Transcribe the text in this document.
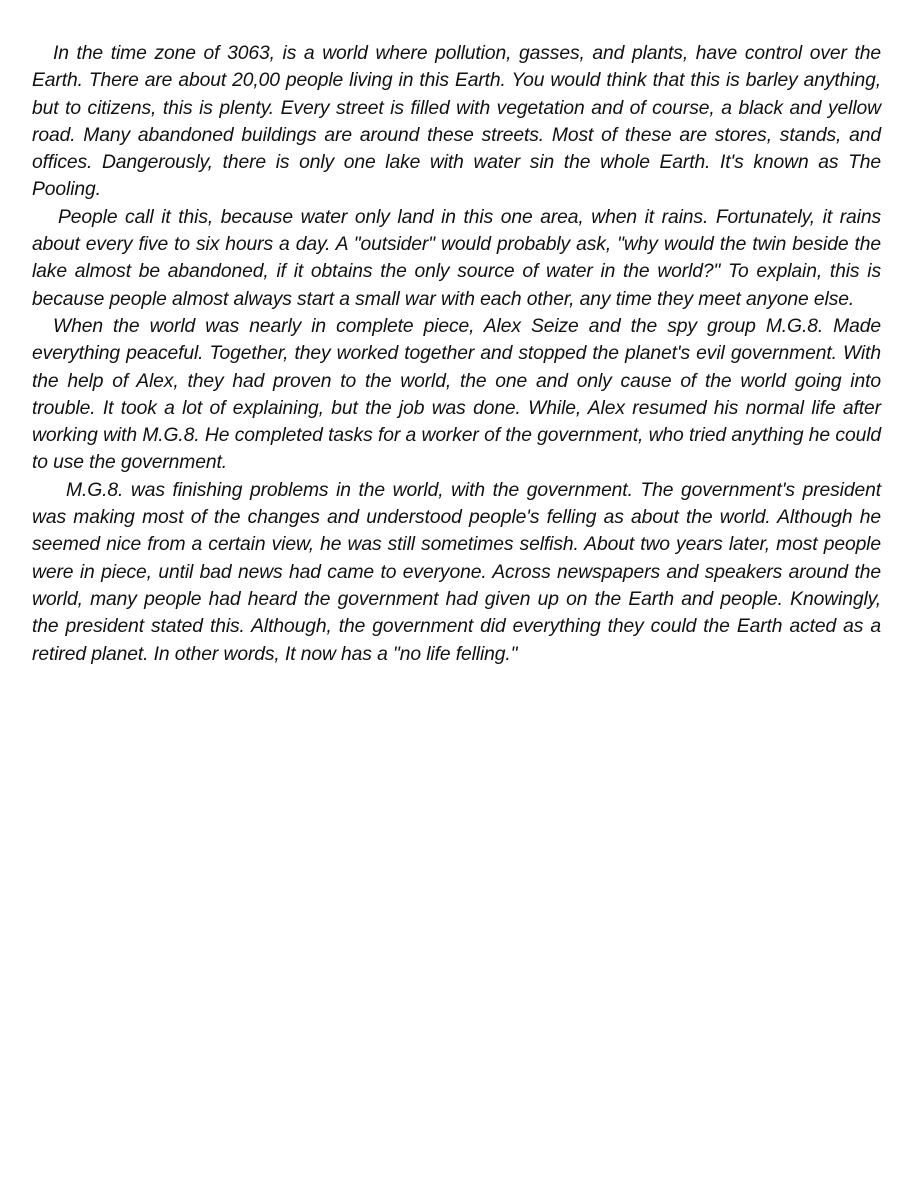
In the time zone of 3063, is a world where pollution, gasses, and plants, have control over the Earth. There are about 20,00 people living in this Earth. You would think that this is barley anything, but to citizens, this is plenty. Every street is filled with vegetation and of course, a black and yellow road. Many abandoned buildings are around these streets. Most of these are stores, stands, and offices. Dangerously, there is only one lake with water sin the whole Earth. It's known as The Pooling.

People call it this, because water only land in this one area, when it rains. Fortunately, it rains about every five to six hours a day. A "outsider" would probably ask, "why would the twin beside the lake almost be abandoned, if it obtains the only source of water in the world?" To explain, this is because people almost always start a small war with each other, any time they meet anyone else.

When the world was nearly in complete piece, Alex Seize and the spy group M.G.8. Made everything peaceful. Together, they worked together and stopped the planet's evil government. With the help of Alex, they had proven to the world, the one and only cause of the world going into trouble. It took a lot of explaining, but the job was done. While, Alex resumed his normal life after working with M.G.8. He completed tasks for a worker of the government, who tried anything he could to use the government.

M.G.8. was finishing problems in the world, with the government. The government's president was making most of the changes and understood people's felling as about the world. Although he seemed nice from a certain view, he was still sometimes selfish. About two years later, most people were in piece, until bad news had came to everyone. Across newspapers and speakers around the world, many people had heard the government had given up on the Earth and people. Knowingly, the president stated this. Although, the government did everything they could the Earth acted as a retired planet. In other words, It now has a "no life felling."
